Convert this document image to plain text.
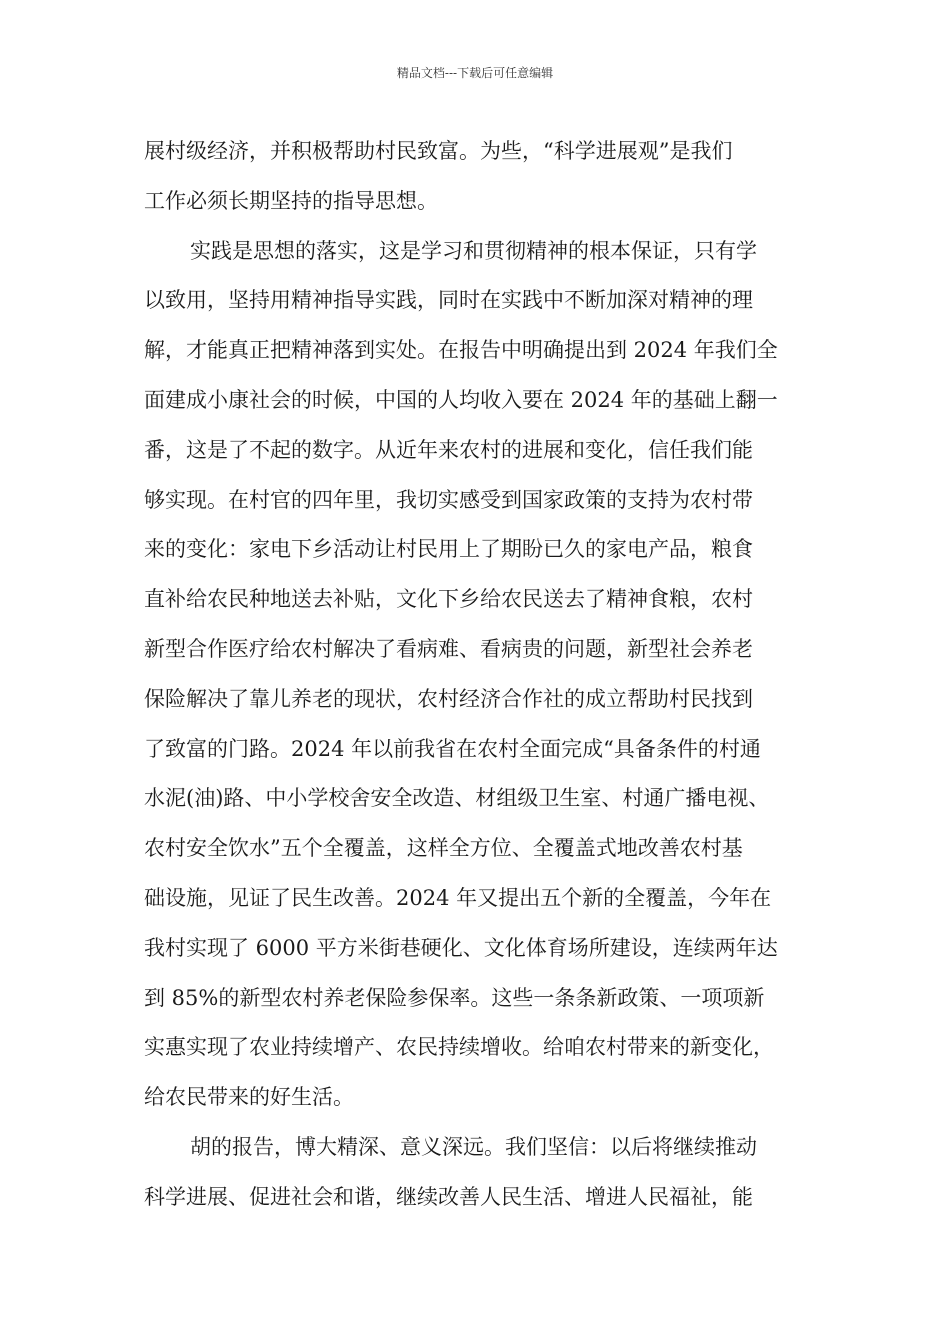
精品文档---下载后可任意编辑
展村级经济，并积极帮助村民致富。为些，“科学进展观”是我们
工作必须长期坚持的指导思想。
实践是思想的落实，这是学习和贯彻精神的根本保证，只有学
以致用，坚持用精神指导实践，同时在实践中不断加深对精神的理
解，才能真正把精神落到实处。在报告中明确提出到 2024 年我们全
面建成小康社会的时候，中国的人均收入要在 2024 年的基础上翻一
番，这是了不起的数字。从近年来农村的进展和变化，信任我们能
够实现。在村官的四年里，我切实感受到国家政策的支持为农村带
来的变化：家电下乡活动让村民用上了期盼已久的家电产品，粮食
直补给农民种地送去补贴，文化下乡给农民送去了精神食粮，农村
新型合作医疗给农村解决了看病难、看病贵的问题，新型社会养老
保险解决了靠儿养老的现状，农村经济合作社的成立帮助村民找到
了致富的门路。2024 年以前我省在农村全面完成“具备条件的村通
水泥(油)路、中小学校舍安全改造、材组级卫生室、村通广播电视、
农村安全饮水”五个全覆盖，这样全方位、全覆盖式地改善农村基
础设施，见证了民生改善。2024 年又提出五个新的全覆盖，今年在
我村实现了 6000 平方米街巷硬化、文化体育场所建设，连续两年达
到 85%的新型农村养老保险参保率。这些一条条新政策、一项项新
实惠实现了农业持续增产、农民持续增收。给咱农村带来的新变化，
给农民带来的好生活。
胡的报告，博大精深、意义深远。我们坚信：以后将继续推动
科学进展、促进社会和谐，继续改善人民生活、增进人民福祉，能
